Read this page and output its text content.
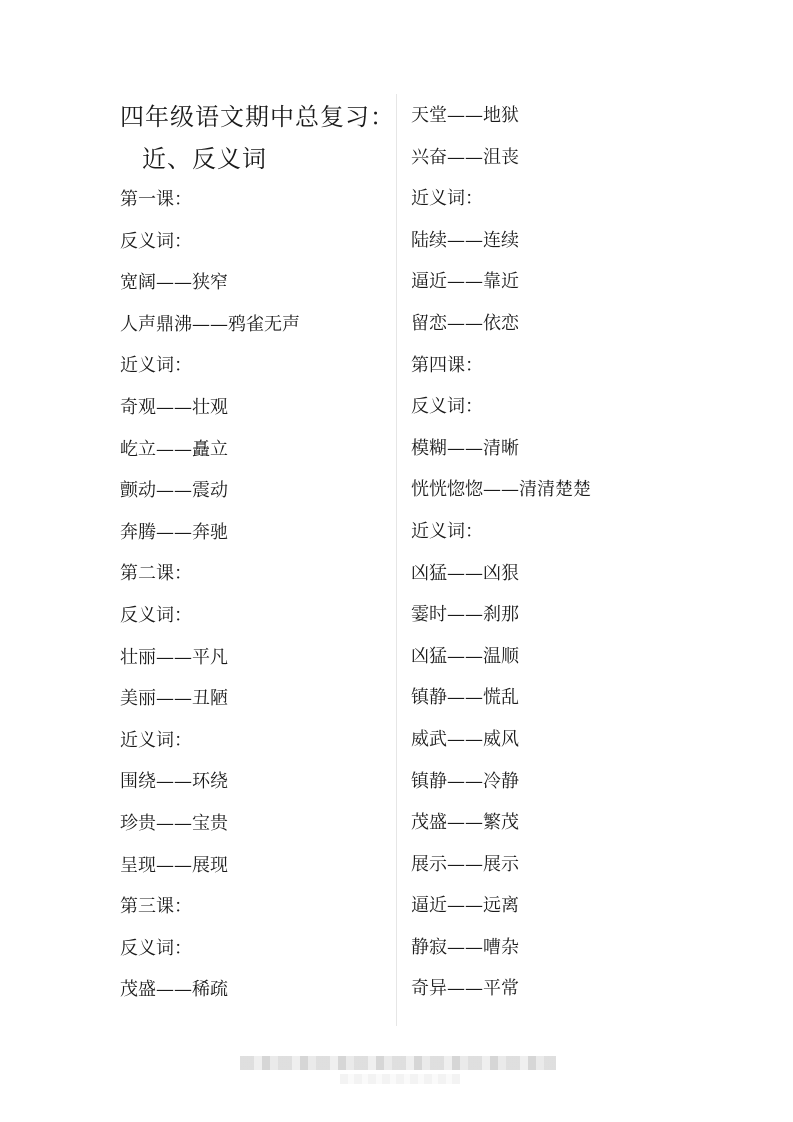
四年级语文期中总复习：
近、反义词
第一课：
反义词：
宽阔——狭窄
人声鼎沸——鸦雀无声
近义词：
奇观——壮观
屹立——矗立
颤动——震动
奔腾——奔驰
第二课：
反义词：
壮丽——平凡
美丽——丑陋
近义词：
围绕——环绕
珍贵——宝贵
呈现——展现
第三课：
反义词：
茂盛——稀疏
天堂——地狱
兴奋——沮丧
近义词：
陆续——连续
逼近——靠近
留恋——依恋
第四课：
反义词：
模糊——清晰
恍恍惚惚——清清楚楚
近义词：
凶猛——凶狠
霎时——刹那
凶猛——温顺
镇静——慌乱
威武——威风
镇静——冷静
茂盛——繁茂
展示——展示
逼近——远离
静寂——嘈杂
奇异——平常
